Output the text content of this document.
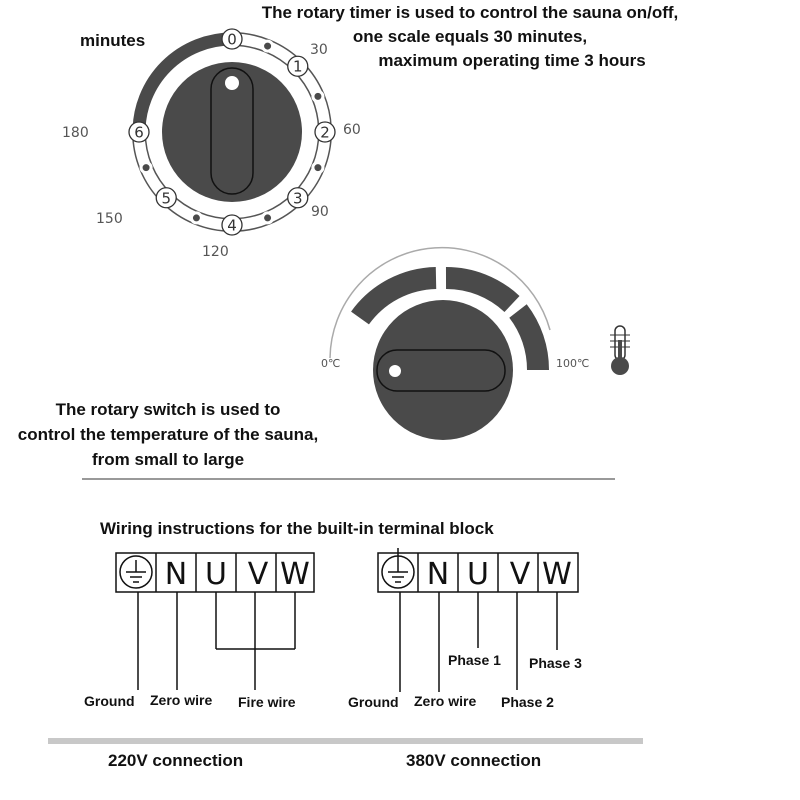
The rotary timer is used to control the sauna on/off,
one scale equals 30 minutes,
maximum operating time 3 hours
minutes	0
1
2
3
4
5
6
30
60
90
120
150
180
0℃	100℃
The rotary switch is used to
control the temperature of the sauna,
from small to large
Wiring instructions for the built-in terminal block
N U V W
Ground Zero wire Fire wire
N U V W
Ground Zero wire
Phase 1
Phase 2
Phase 3
220V connection	380V connection
